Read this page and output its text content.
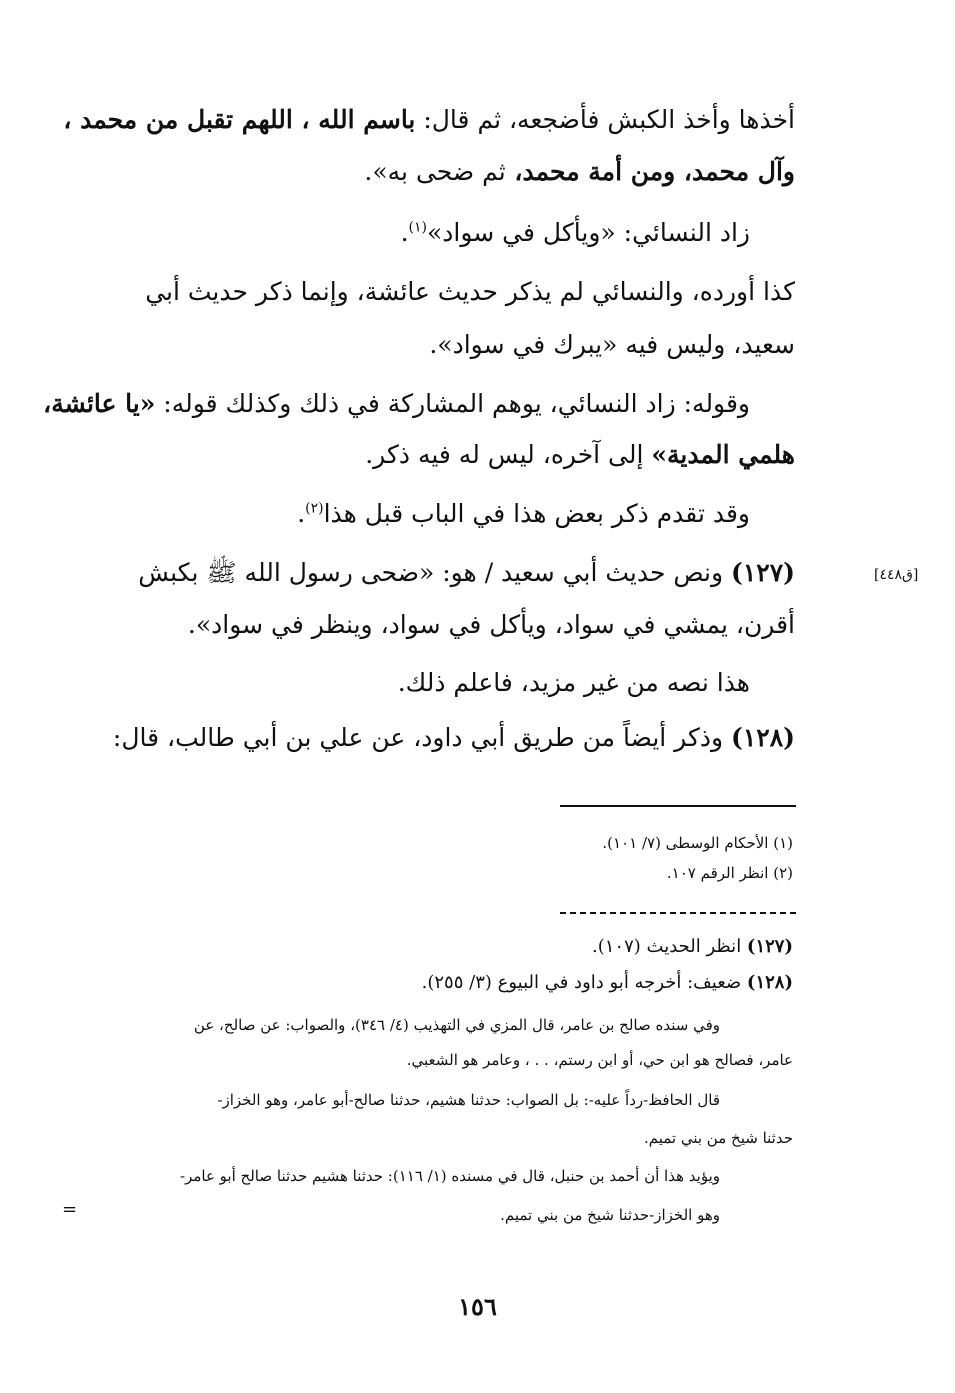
أخذها وأخذ الكبش فأضجعه، ثم قال: باسم الله ، اللهم تقبل من محمد ،
وآل محمد، ومن أمة محمد، ثم ضحى به».
زاد النسائي: «ويأكل في سواد»$^{(١)}$.
كذا أورده، والنسائي لم يذكر حديث عائشة، وإنما ذكر حديث أبي
سعيد، وليس فيه «يبرك في سواد».
وقوله: زاد النسائي، يوهم المشاركة في ذلك وكذلك قوله: «يا عائشة،
هلمي المدية» إلى آخره، ليس له فيه ذكر.
وقد تقدم ذكر بعض هذا في الباب قبل هذا$^{(٢)}$.
(١٢٧) ونص حديث أبي سعيد / هو: «ضحى رسول الله ﷺ بكبش
أقرن، يمشي في سواد، ويأكل في سواد، وينظر في سواد».
هذا نصه من غير مزيد، فاعلم ذلك.
(١٢٨) وذكر أيضاً من طريق أبي داود، عن علي بن أبي طالب، قال:
[ق٤٤٨]
(١) الأحكام الوسطى (٧/ ١٠١).
(٢) انظر الرقم ١٠٧.
(١٢٧) انظر الحديث (١٠٧).
(١٢٨) ضعيف: أخرجه أبو داود في البيوع (٣/ ٢٥٥).
وفي سنده صالح بن عامر، قال المزي في التهذيب (٤/ ٣٤٦)، والصواب: عن صالح، عن
عامر، فصالح هو ابن حي، أو ابن رستم، . . ، وعامر هو الشعبي.
قال الحافظ-رداً عليه-: بل الصواب: حدثنا هشيم، حدثنا صالح-أبو عامر، وهو الخزاز-
حدثنا شيخ من بني تميم.
ويؤيد هذا أن أحمد بن حنبل، قال في مسنده (١/ ١١٦): حدثنا هشيم حدثنا صالح أبو عامر-
وهو الخزاز-حدثنا شيخ من بني تميم.
=
١٥٦
